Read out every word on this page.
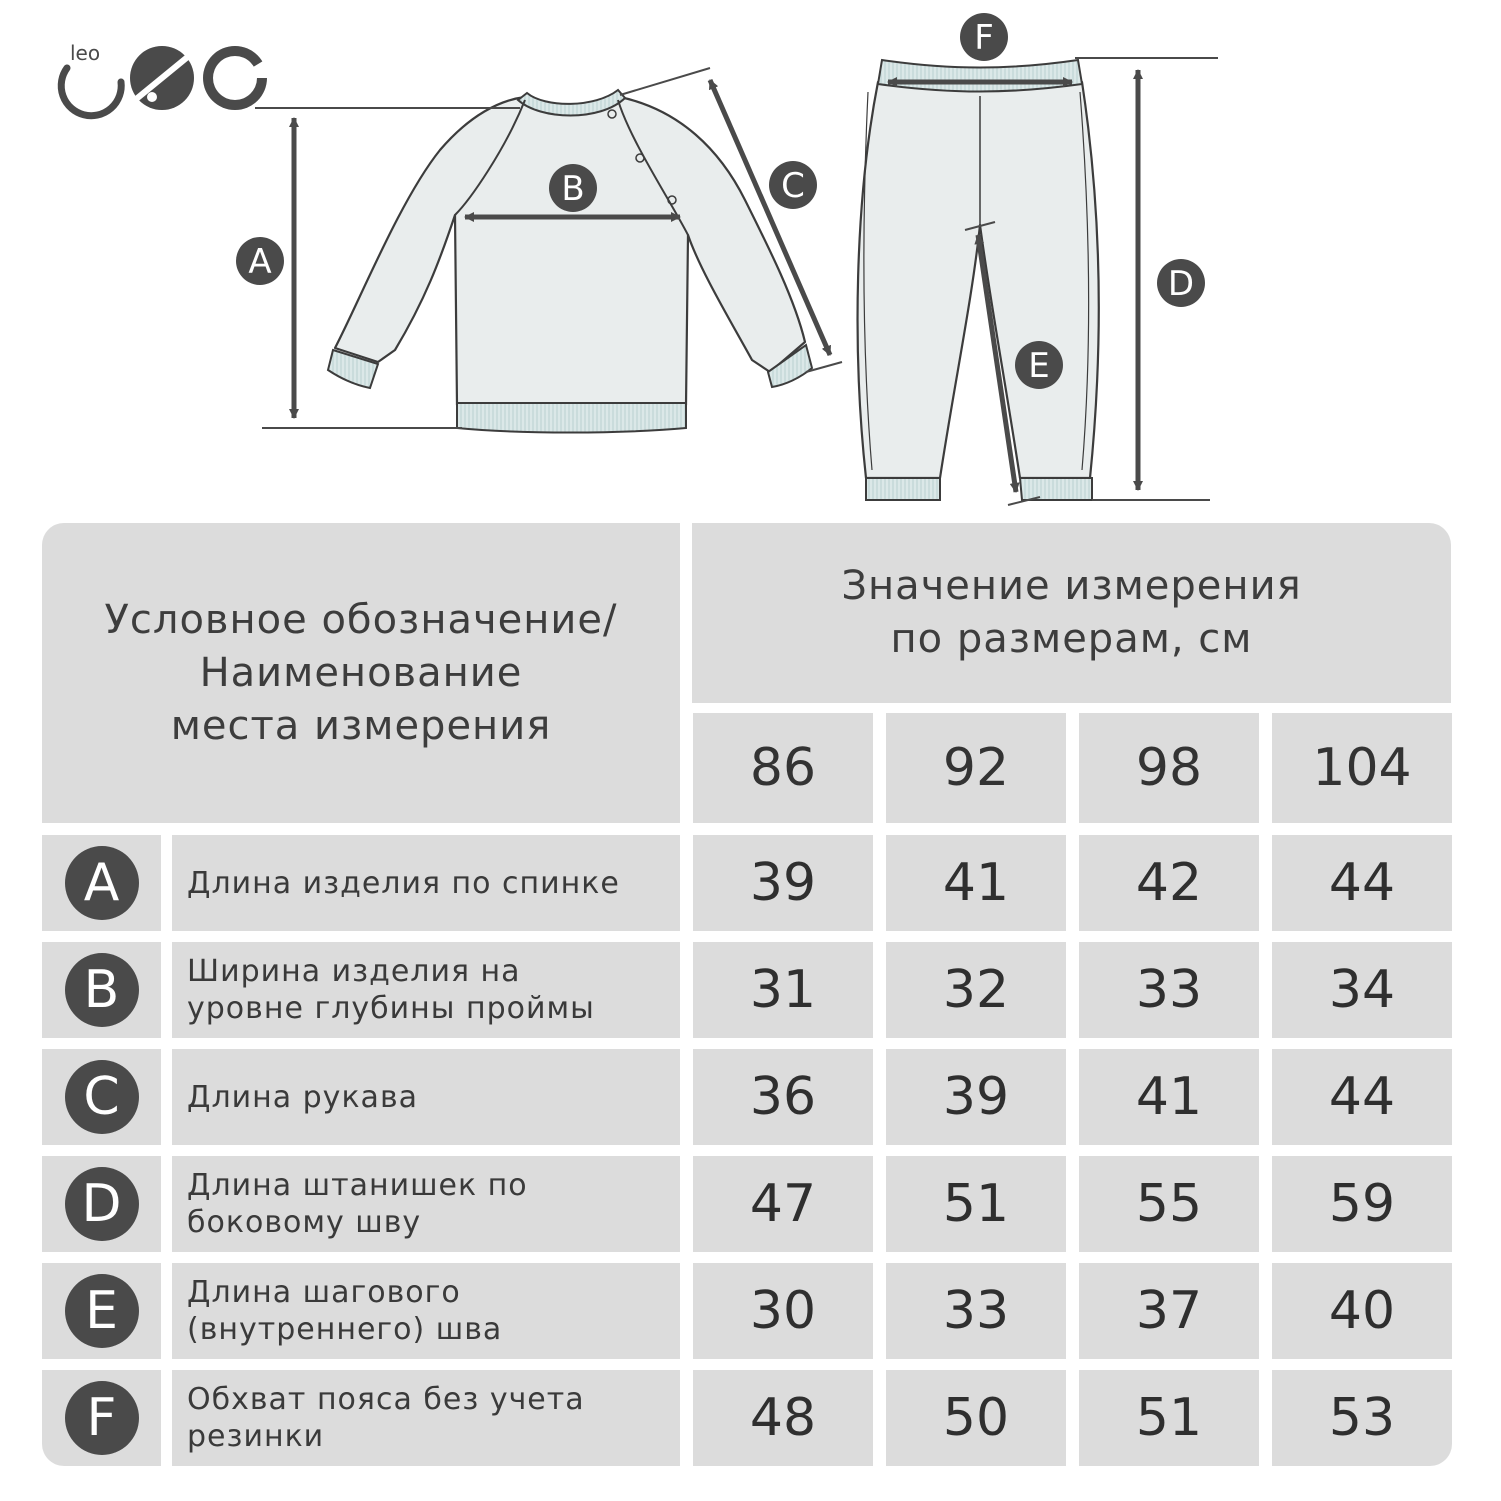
leo
A
B	C
D
E
F
Условное обозначение/
Наименование
места измерения
Значение измерения
по размерам, см
86	92	98	104
A	Длина изделия по спинке	39	41	42	44
B	Ширина изделия на
уровне глубины проймы	31	32	33	34
C	Длина рукава	36	39	41	44
D	Длина штанишек по
боковому шву	47	51	55	59
E	Длина шагового
(внутреннего) шва	30	33	37	40
F	Обхват пояса без учета
резинки	48	50	51	53
